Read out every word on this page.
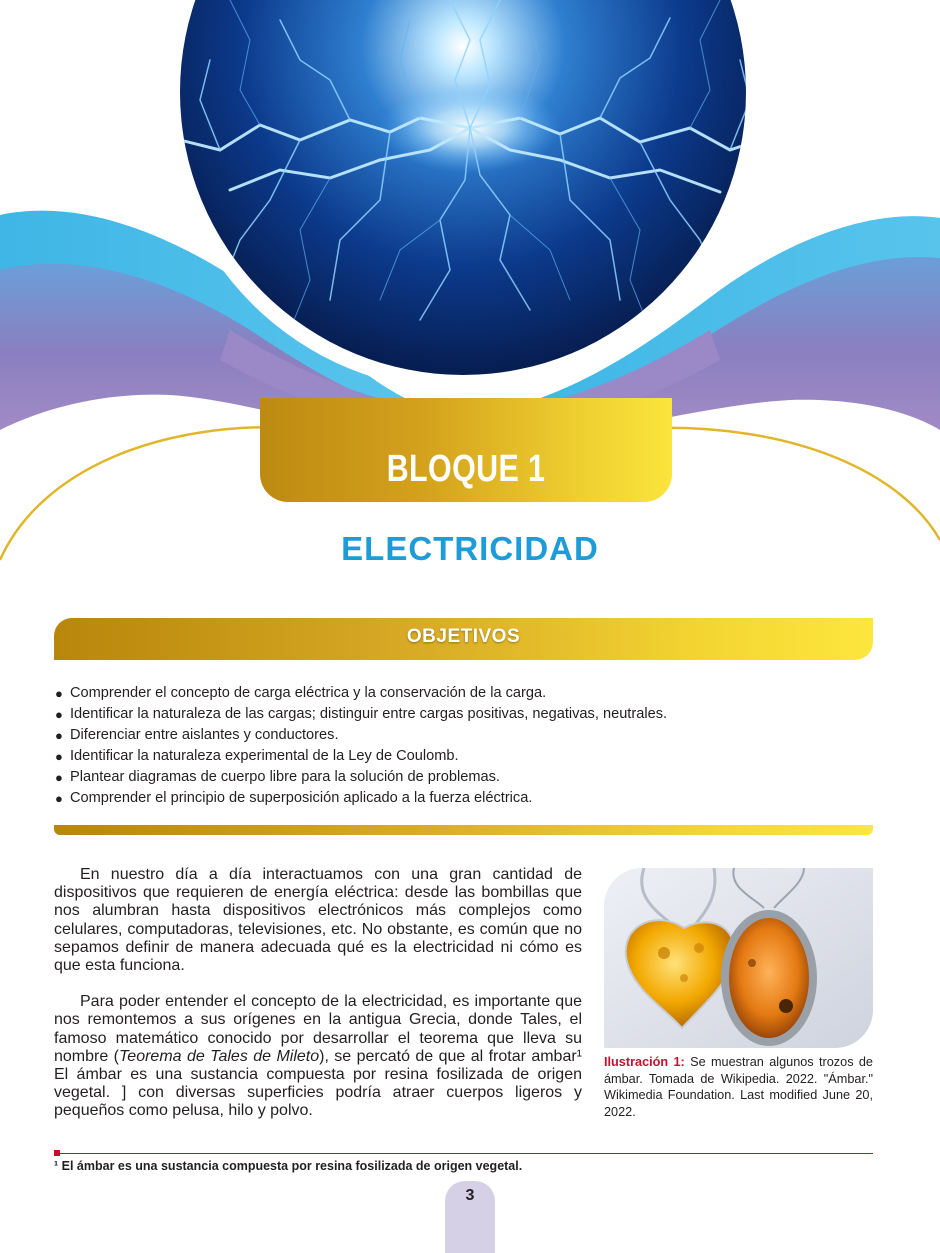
BLOQUE 1
ELECTRICIDAD
OBJETIVOS
● Comprender el concepto de carga eléctrica y la conservación de la carga.
● Identificar la naturaleza de las cargas; distinguir entre cargas positivas, negativas, neutrales.
● Diferenciar entre aislantes y conductores.
● Identificar la naturaleza experimental de la Ley de Coulomb.
● Plantear diagramas de cuerpo libre para la solución de problemas.
● Comprender el principio de superposición aplicado a la fuerza eléctrica.

En nuestro día a día interactuamos con una gran cantidad de dispositivos que requieren de energía eléctrica: desde las bombillas que nos alumbran hasta dispositivos electrónicos más complejos como celulares, computadoras, televisiones, etc. No obstante, es común que no sepamos definir de manera adecuada qué es la electricidad ni cómo es que esta funciona.

Para poder entender el concepto de la electricidad, es importante que nos remontemos a sus orígenes en la antigua Grecia, donde Tales, el famoso matemático conocido por desarrollar el teorema que lleva su nombre (Teorema de Tales de Mileto), se percató de que al frotar ambar¹ El ámbar es una sustancia compuesta por resina fosilizada de origen vegetal. ] con diversas superficies podría atraer cuerpos ligeros y pequeños como pelusa, hilo y polvo.

Ilustración 1: Se muestran algunos trozos de ámbar. Tomada de Wikipedia. 2022. "Ámbar." Wikimedia Foundation. Last modified June 20, 2022.
¹ El ámbar es una sustancia compuesta por resina fosilizada de origen vegetal.
3
